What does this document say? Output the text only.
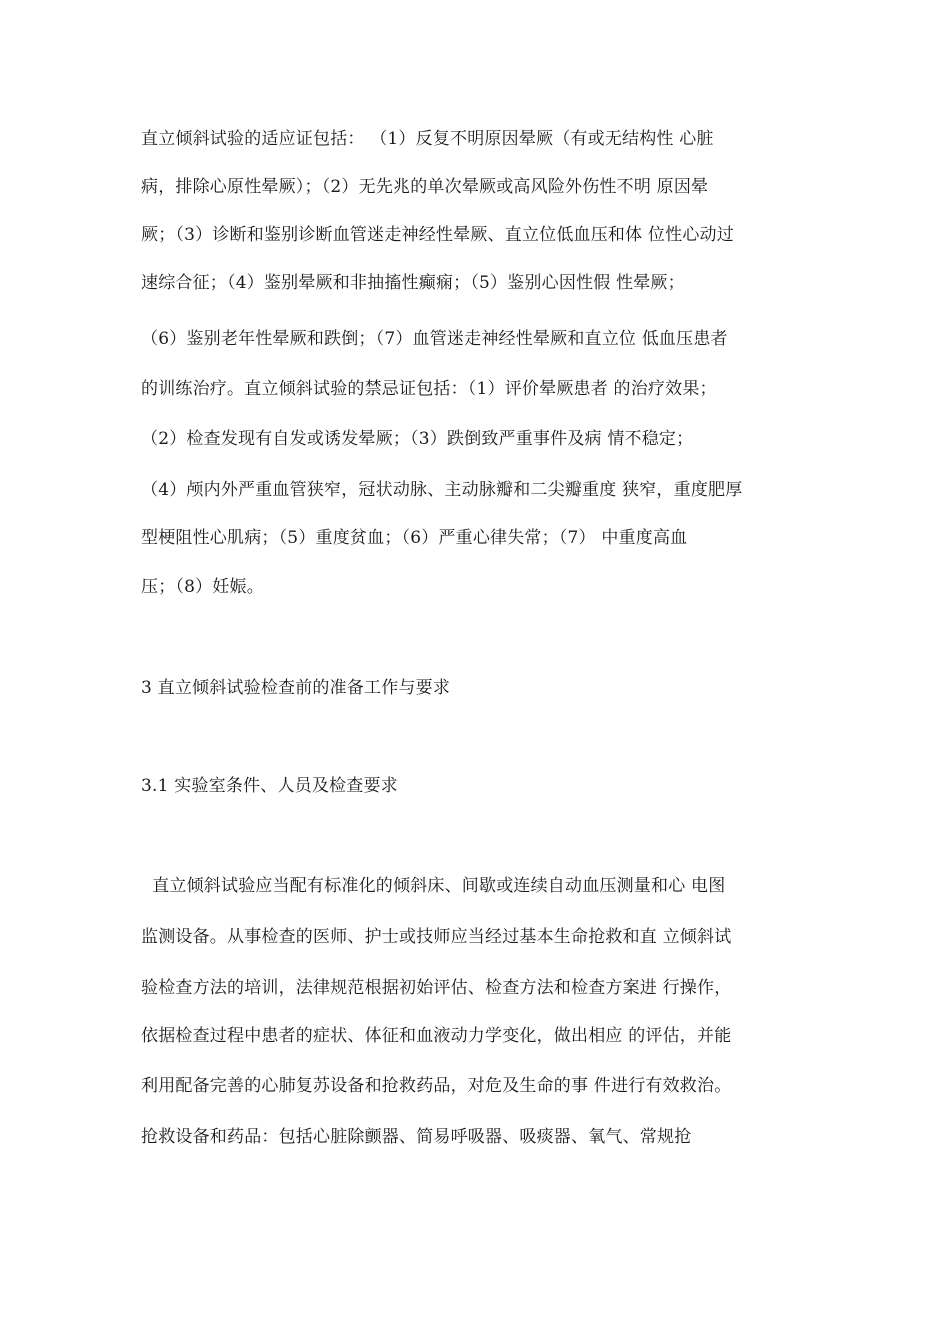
直立倾斜试验的适应证包括： （1）反复不明原因晕厥（有或无结构性 心脏

病，排除心原性晕厥）；（2）无先兆的单次晕厥或高风险外伤性不明 原因晕

厥；（3）诊断和鉴别诊断血管迷走神经性晕厥、直立位低血压和体 位性心动过

速综合征；（4）鉴别晕厥和非抽搐性癫痫；（5）鉴别心因性假 性晕厥；

（6）鉴别老年性晕厥和跌倒；（7）血管迷走神经性晕厥和直立位 低血压患者

的训练治疗。直立倾斜试验的禁忌证包括：（1）评价晕厥患者 的治疗效果；

（2）检查发现有自发或诱发晕厥；（3）跌倒致严重事件及病 情不稳定；

（4）颅内外严重血管狭窄，冠状动脉、主动脉瓣和二尖瓣重度 狭窄，重度肥厚

型梗阻性心肌病；（5）重度贫血；（6）严重心律失常；（7） 中重度高血

压；（8）妊娠。

3 直立倾斜试验检查前的准备工作与要求

3.1 实验室条件、人员及检查要求

直立倾斜试验应当配有标准化的倾斜床、间歇或连续自动血压测量和心 电图

监测设备。从事检查的医师、护士或技师应当经过基本生命抢救和直 立倾斜试

验检查方法的培训，法律规范根据初始评估、检查方法和检查方案进 行操作，

依据检查过程中患者的症状、体征和血液动力学变化，做出相应 的评估，并能

利用配备完善的心肺复苏设备和抢救药品，对危及生命的事 件进行有效救治。

抢救设备和药品：包括心脏除颤器、简易呼吸器、吸痰器、氧气、常规抢
